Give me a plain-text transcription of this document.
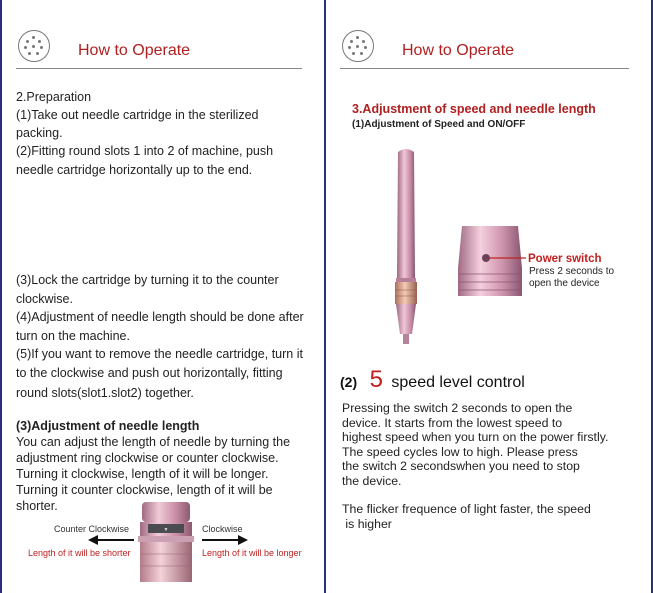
How to Operate
2.Preparation
(1)Take out needle cartridge in the sterilized
packing.
(2)Fitting round slots 1 into 2 of machine, push
needle cartridge horizontally up to the end.
(3)Lock the cartridge by turning it to the counter
clockwise.
(4)Adjustment of needle length should be done after
turn on the machine.
(5)If you want to remove the needle cartridge, turn it
to the clockwise and push out horizontally, fitting
round slots(slot1.slot2) together.
(3)Adjustment of needle length
You can adjust the length of needle by turning the
adjustment ring clockwise or counter clockwise.
Turning it clockwise, length of it will be longer.
Turning it counter clockwise, length of it will be
shorter.
▼
Counter Clockwise	Clockwise
Length of it will be shorter	Length of it will be longer
How to Operate
3.Adjustment of speed and needle length
(1)Adjustment of Speed and ON/OFF
Power switch
Press 2 seconds to
open the device
(2) 5 speed level control
Pressing the switch 2 seconds to open the
device. It starts from the lowest speed to
highest speed when you turn on the power firstly.
The speed cycles low to high. Please press
the switch 2 secondswhen you need to stop
the device.
The flicker frequence of light faster, the speed
is higher
